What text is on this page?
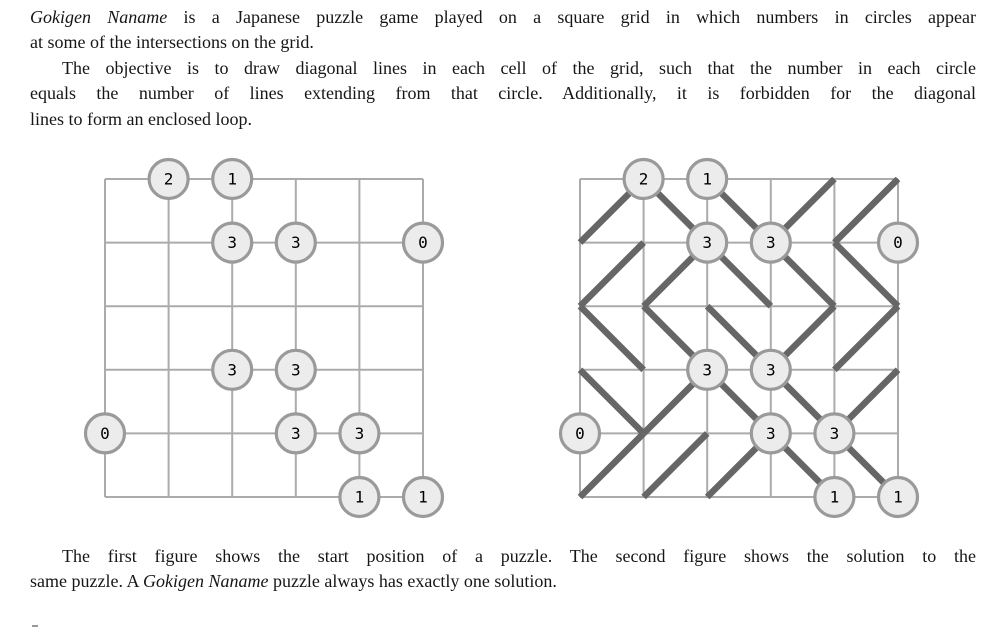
Gokigen Naname is a Japanese puzzle game played on a square grid in which numbers in circles appear
at some of the intersections on the grid.
The objective is to draw diagonal lines in each cell of the grid, such that the number in each circle
equals the number of lines extending from that circle. Additionally, it is forbidden for the diagonal
lines to form an enclosed loop.
2	1
3	3	0
3	3
0	3	3
1	1
2	1
3	3	0
3	3
0	3	3
1	1
The first figure shows the start position of a puzzle. The second figure shows the solution to the
same puzzle. A Gokigen Naname puzzle always has exactly one solution.
